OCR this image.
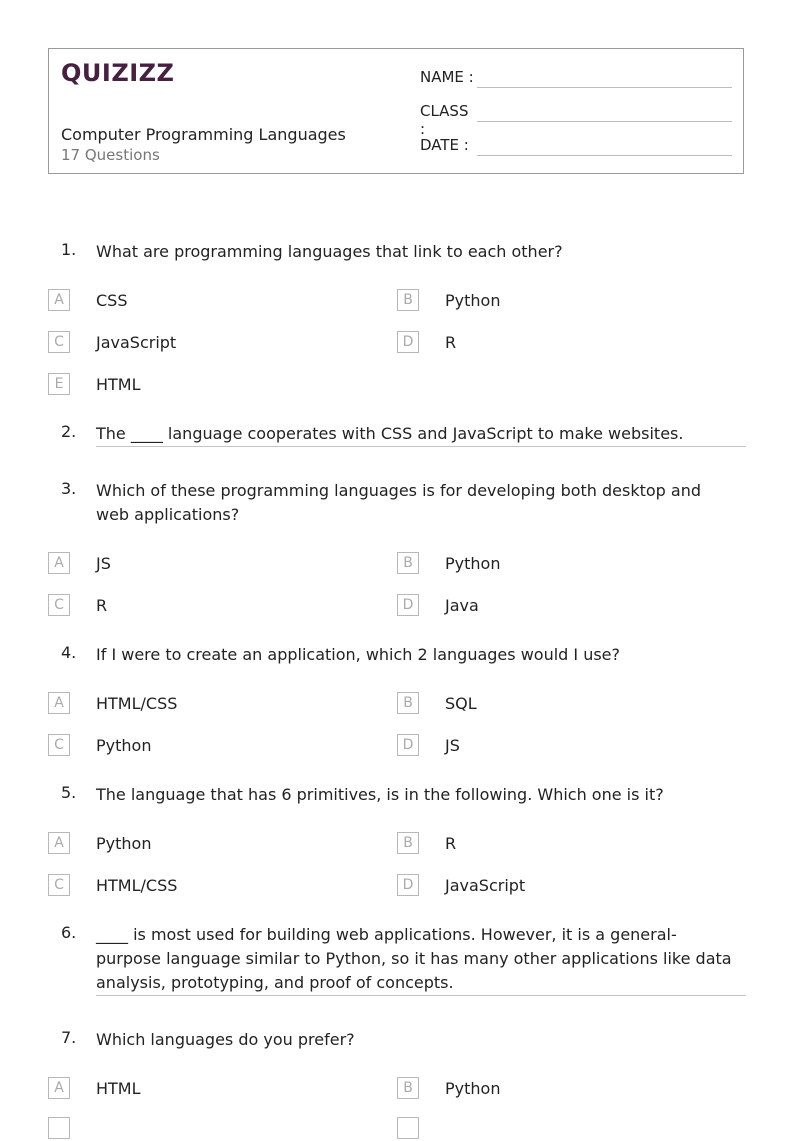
QUIZIZZ
Computer Programming Languages
17 Questions
NAME :
CLASS :
DATE :
1. What are programming languages that link to each other?
A	CSS	B	Python
C	JavaScript	D	R
E	HTML
2. The ____ language cooperates with CSS and JavaScript to make websites.
3. Which of these programming languages is for developing both desktop and web applications?
A	JS	B	Python
C	R	D	Java
4. If I were to create an application, which 2 languages would I use?
A	HTML/CSS	B	SQL
C	Python	D	JS
5. The language that has 6 primitives, is in the following. Which one is it?
A	Python	B	R
C	HTML/CSS	D	JavaScript
6. ____ is most used for building web applications. However, it is a general-purpose language similar to Python, so it has many other applications like data analysis, prototyping, and proof of concepts.
7. Which languages do you prefer?
A	HTML	B	Python
